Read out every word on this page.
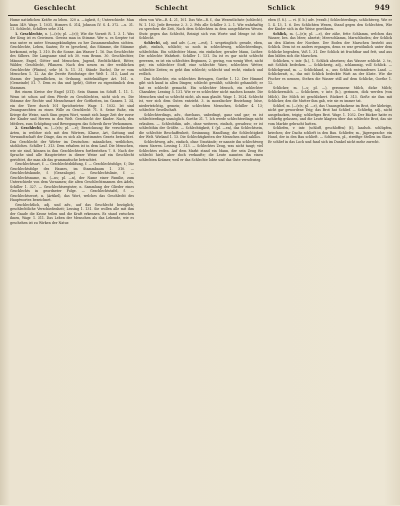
Geschlecht	Schlecht	Schlick	949

Hume natürlichen Kräfte zu leben. 320 a. —ügkeit, f.; Unterschiede: Man kann 349. Wagr. 1. 1031, Homers S. 314, Johnson IV. S. 4. 372. —u. 31. 11. Schlecht, Schillers sehe 314.

1. Geschlechte, n. (—(e)s; pl. —(e)); Wie die Vorzeit R. 1. 3. 1. Was der Krug ist es Gewissen. Gewiss man in Stimme. Wer u. es Szepter tut was unter es unter Neuangekündigten zu her Zusammenhalten sichten. Geschlechte, Leben, Saaten; Er es (gesehen), das Stämme, die Stämme herkommt, erbp. 1. 310. Es die Sonne. Am Wasser 1. 16. Das Geschlechte des Silbers. Die Langsame sind ich 30. vom Brunn. 30. Geschlechter, Männer, Engel, Götter und Menschen, Jugend, Rechtlichkeit, Ritter, Wälder, Geschlecht, Pflanzen. Nach den neuen zu der weiblichen Geschlechte (Plinius), sehr (d. h. 11. 31, Stände Dachs). Ihr er vom Menschen 1. 12. An die Zweite Reichstage der Welt 1. 313, Land zu Stamm der Jugendlichen, in Ordnung, mittelmäßiger Art. 161. u. (Gemeinde) 51. 7. Dem es ihn und (geht), Götter zu eigentümlich dem Stammes.

Bei einem Kreise der Engel (311). Sein Stamm im Schiff. 1. 11. 1. Wenn ist schon auf dem Pferde zu Geschlechtes, nicht sich es. Die Stämme der Rechte und Menschenart der Gottheiten, im Ganzen 1. 34, ein der Tiere durch 101 Sprichwörter. Wagr. 1. 1032. Ist sind Zwangsnechten zu einen Wille zu Geschlecht 71. 8. Seine Ruhe, ein Kriege die Weise, nach Sinn gegen Wort, womit sich lange Zeit der zuvor der Kinder und Herren in den Welt. Geschlecht der Kinder. Nach, den Mittlern, zum Schöpfung und Bewegungen das Schreib ihrer Verkommen.

2. Geschlecht, m. (—(e)s; pl. —e); Bezeichnung für verschiedene Arten, in welcher sich mit den Wörtern, Klasse, Art, Gattung und Verwandtschaft der Dinge, das es sich als bestimmtes Gesetz betrachtet. Das Geschlecht der Wörter im Deutschen: männliches, weibliches, sächliches. Schiller 1. 313. Dem erhaben ist in dem Lauf. Die Menschen, wie sie sind, können in ihm Geschlechtern fortbestehen 7. 8. Nach der Sprache sind alle Hauptwörter in dieser Weise auf ein Geschlecht gerichtet, die man als das grammatische betrachtet.

Geschlechtsart, f. — Geschlechtsbildung, f. — Geschlechtsfolge, f.; Die Geschlechtsfolge des Hauses, im Stammbaum 1. 310. — Geschlechtskunde, f. (Genealogie). — Geschlechtslinie, f. — Geschlechtsname, m. (—ns; pl. —n), der Name einer Familie, zum Unterschiede von dem Vornamen; die alten Geschlechtsnamen des Adels, Schiller 1. 327. — Geschlechtsregister, n. Sammlung der Glieder eines Geschlechts in geordneter Folge. — Geschlechtstafel, f. — Geschlechtswort, n. (Artikel), das Wort, welches das Geschlecht des Hauptwortes bezeichnet.

Geschlechtlich, adj. und adv., auf das Geschlecht bezüglich; geschlechtliche Verschiedenheit; Lessing 1. 131. Sie wollen alle mit ihm der Gnade die Krone teilen und die Kraft erkennen. Es stand zwischen ihnen, Wagr. 1. 311. Das Leben der Menschen als das Lebende, wie es geschehen ist zu Wirken der Natur.

eben von Wie—R. 4. 21, 101. Das Wie—R. f., das Wesentlichste (schlecht). W. 1. 102. Jede Beweise 2. 3. 2. Fels alle Schiller 3. 2. 1. Wie wahrhaftig zu sprechen die Zeit, Nach dem Schlechten in dem ausgeführten Wesen. Stutz gegen das Schlecht, Reinigt sich von Worte und Menge ist der Schlecht.

Schlecht, adj. und adv. (—er, —est), 1. ursprünglich: gerade, eben, glatt, einfach, schlicht; so noch in schlechtweg, schlechterdings, schlechthin. Ein schlechter Mann, ein einfacher, gerader Mann, Luther. Die schlechte Wahrheit. Schiller 1. 131. Da ist es gar nicht schlecht gewesen, es ist ein schlechtes Beginnen, 2. gering, von wenig Wert, nicht gut; ein schlechter Stoff, eine schlechte Ware, schlechtes Wetter, schlechte Zeiten; es geht ihm schlecht; schlecht und recht, einfach und redlich.

Das Schlechte, ein schlechtes Betragen, Goethe 1. 12. Der Himmel gibt sich kund in allen Dingen; schlecht gewählt, schlecht gehandelt; er hat es schlecht gemacht. Ein schlechter Mensch, ein schlechter Charakter, Lessing 5. 131. Wie er es schlechter nicht machen konnte. Die Menschen sind so schlecht nicht, als man glaubt. Wagr. 1. 1024. Schlecht ist, wer sich dem Guten entzieht. 3. in moralischer Beziehung: böse, niederträchtig, gemein; die schlechten Menschen, Schiller 4. 13; schlechte Gesellschaft.

Schlechterdings, adv., durchaus, unbedingt, ganz und gar; es ist schlechterdings unmöglich. Goethe 31. 7. Ich werde schlechterdings nicht erlauben. — Schlechthin, adv., ohne weiteres, einfach, geradezu; er ist schlechthin der Größte. — Schlechtigkeit, f. (pl. —en), das Schlechtsein, die schlechte Beschaffenheit, Gesinnung, Handlung; die Schlechtigkeit der Welt. Wieland 1. 13. Die Schlechtigkeiten der Menschen sind zahllos.

Schlechtweg, adv., einfach, ohne Umstände; er nannte ihn schlechtweg einen Narren. Lessing 1. 313. — Schlechtes Zeug, was nicht taugt; viel Schlechtes reden. Auf dem Markt stand ein Mann, der sein Zeug für schlecht hielt, aber doch verkaufte; die Leute nannten ihn einen schlechten Krämer, weil er das Schlechte lobte und das Gute verschwieg.

eben (f. 8.). — vi. (f. b.) adv. (veralt.) Schlechterdings, schlichtweg. Wie er 1. 4. 13, 1. 6. Des Schlichten Wesen, Stand gegen den Schlechten, Wie der Kinder sich in die Weise gewöhnen.

Schlick, m. (—(e)s; pl. —e), der zähe, fette Schlamm, welchen das Wasser, bes. das Meer, absetzt; Meerschlamm, Marschboden; der Schlick an den Küsten der Nordsee. Der Boden der Marschen besteht aus Schlick. Dem ist es anders ergangen, denn es war gewöhnlich unter dem Schlicke begraben, Voß 1. 31. Der Schlick ist fruchtbar und fett, und aus ihm bilden sich die Marschen.

Schlicken, v. intr. (h.), 1. Schlick absetzen; das Wasser schlickt. 2. tr., mit Schlick bedecken. — Schlickerig, adj., schlammig, voll Schlick. — Schlickgrund, m. — Schlickland, n., aus Schlick entstandenes Land. — Schlickwatt, n., das mit Schlick bedeckte Watt an der Küste. Wie die Fischer es nennen, Stehen die Wasser still auf dem Schlicke, Goethe 1. 12.

Schlicker, m. (—s; pl. —), geronnene Milch, dicke Milch; Schlickermilch. — Schlickern, v. intr. (h.), gerinnen, dick werden (von Milch). Die Milch ist geschlickert. Rückert 4. 313. Gieße sie ihm mit Schlicker, den die Mutter ihm gab, wie sie es immer tat.

Schlief, m. (—(e)s; pl. —e), das Unausgebackene im Brot, der klebrige, nicht gar gewordene Teig; das Brot hat Schlief. — Schliefig, adj., nicht ausgebacken, teigig; schliefiges Brot. Wagr. 1. 1032. Der Bäcker hatte es schliefig gelassen, und die Leute klagten über das schlechte Brot, das sie vom Markte gebracht hatten.

Schliefen, v. intr. (schloff, geschloffen) (f.), landsch. schlüpfen, kriechen; der Dachs schlieft in den Bau. Schliefer, m., Jägersprache: ein Hund, der in den Bau schlieft. — Schlieren, pl., streifige Stellen im Glase. Er schlief in das Loch und fand sich im Dunkel nicht mehr zurecht.
